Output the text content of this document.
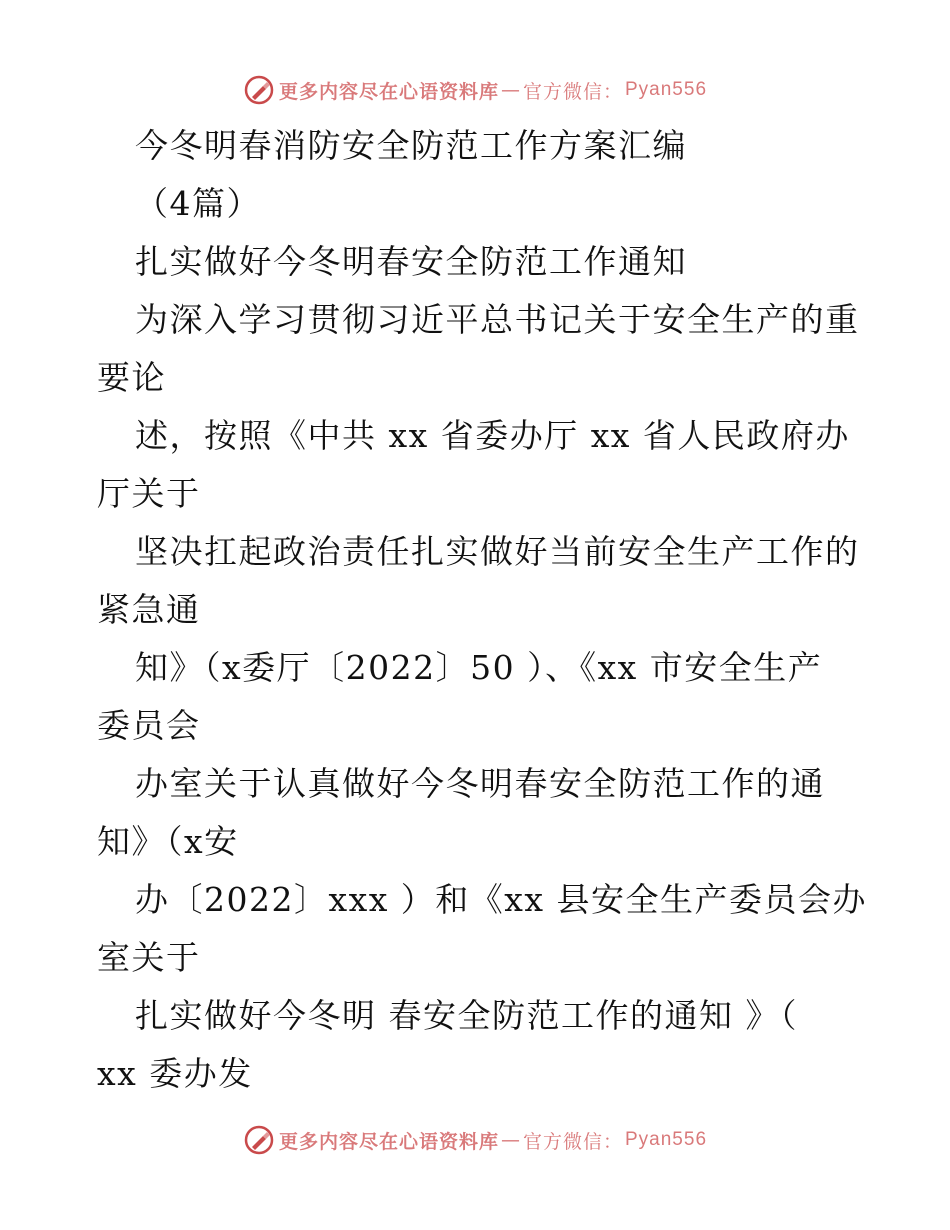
更多内容尽在心语资料库 — 官方微信： Pyan556
今冬明春消防安全防范工作方案汇编
（4篇）
扎实做好今冬明春安全防范工作通知
为深入学习贯彻习近平总书记关于安全生产的重
要论
述，按照《中共 xx 省委办厅 xx 省人民政府办
厅关于
坚决扛起政治责任扎实做好当前安全生产工作的
紧急通
知》（x委厅〔2022〕50 ）、《xx 市安全生产
委员会
办室关于认真做好今冬明春安全防范工作的通
知》（x安
办〔2022〕xxx ）和《xx 县安全生产委员会办
室关于
扎实做好今冬明 春安全防范工作的通知 》（
xx 委办发
更多内容尽在心语资料库 — 官方微信： Pyan556
